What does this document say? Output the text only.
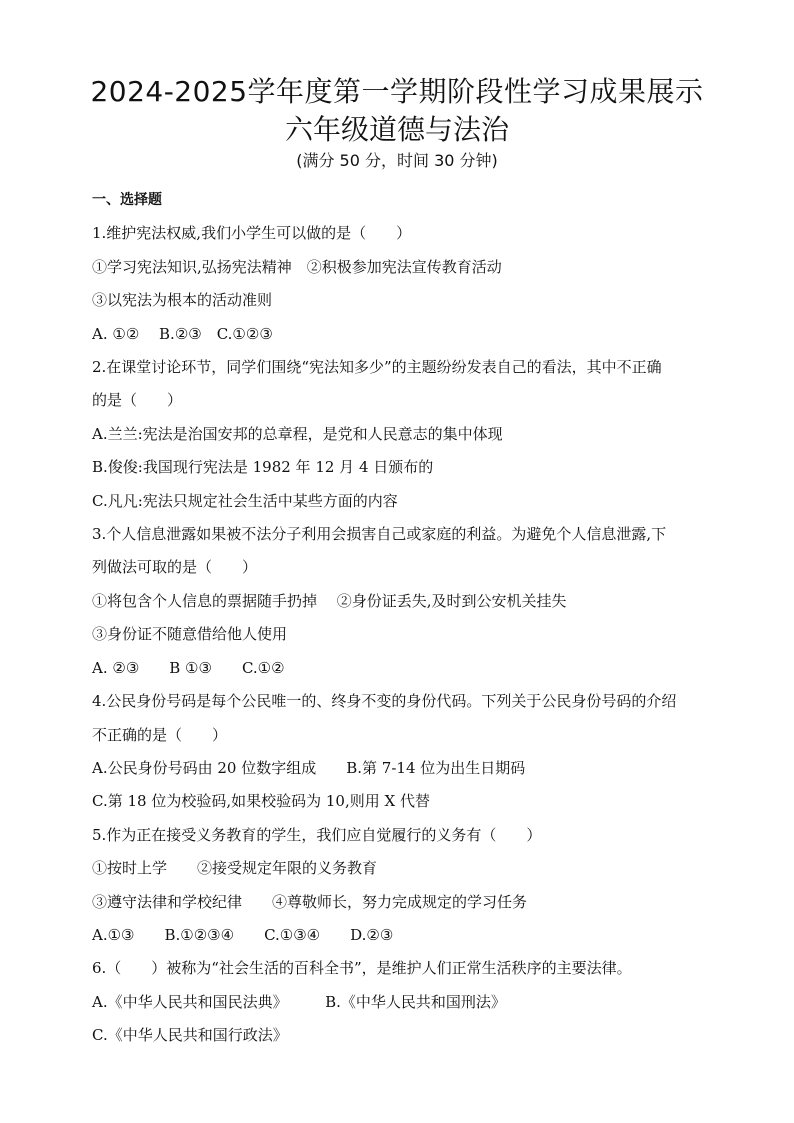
2024-2025学年度第一学期阶段性学习成果展示
六年级道德与法治
(满分 50 分，时间 30 分钟)
一、选择题
1.维护宪法权威,我们小学生可以做的是（　　）
①学习宪法知识,弘扬宪法精神　②积极参加宪法宣传教育活动
③以宪法为根本的活动准则
A. ①②　 B.②③　C.①②③
2.在课堂讨论环节，同学们围绕“宪法知多少”的主题纷纷发表自己的看法，其中不正确
的是（　　）
A.兰兰:宪法是治国安邦的总章程，是党和人民意志的集中体现
B.俊俊:我国现行宪法是 1982 年 12 月 4 日颁布的
C.凡凡:宪法只规定社会生活中某些方面的内容
3.个人信息泄露如果被不法分子利用会损害自己或家庭的利益。为避免个人信息泄露,下
列做法可取的是（　　）
①将包含个人信息的票据随手扔掉　 ②身份证丢失,及时到公安机关挂失
③身份证不随意借给他人使用
A. ②③　　B ①③　　C.①②
4.公民身份号码是每个公民唯一的、终身不变的身份代码。下列关于公民身份号码的介绍
不正确的是（　　）
A.公民身份号码由 20 位数字组成　　B.第 7-14 位为出生日期码
C.第 18 位为校验码,如果校验码为 10,则用 X 代替
5.作为正在接受义务教育的学生，我们应自觉履行的义务有（　　）
①按时上学　　②接受规定年限的义务教育
③遵守法律和学校纪律　　④尊敬师长，努力完成规定的学习任务
A.①③　　B.①②③④　　C.①③④　　D.②③
6.（　　）被称为“社会生活的百科全书”，是维护人们正常生活秩序的主要法律。
A.《中华人民共和国民法典》　　　B.《中华人民共和国刑法》
C.《中华人民共和国行政法》
